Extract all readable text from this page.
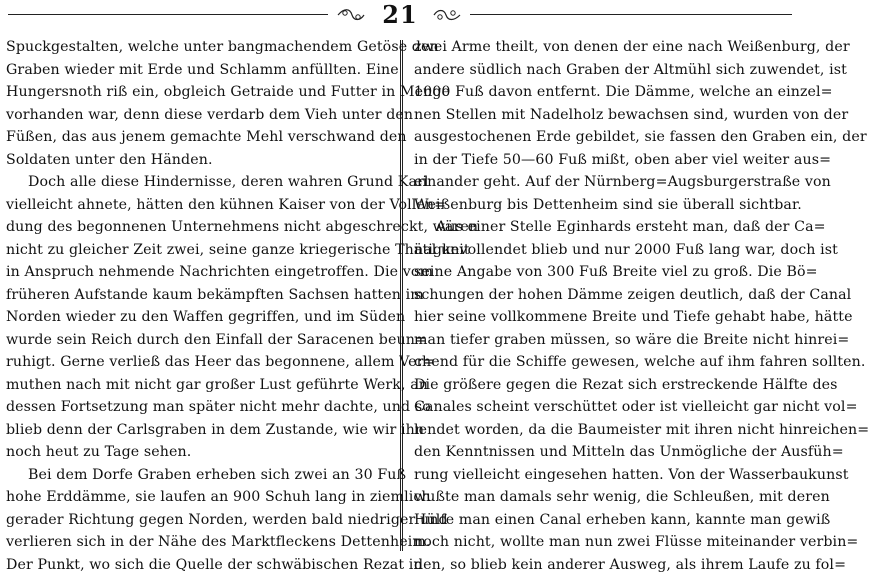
21
Spuckgestalten, welche unter bangmachendem Getöse den
Graben wieder mit Erde und Schlamm anfüllten. Eine
Hungersnoth riß ein, obgleich Getraide und Futter in Menge
vorhanden war, denn diese verdarb dem Vieh unter den
Füßen, das aus jenem gemachte Mehl verschwand den
Soldaten unter den Händen.
Doch alle diese Hindernisse, deren wahren Grund Karl
vielleicht ahnete, hätten den kühnen Kaiser von der Vollen=
dung des begonnenen Unternehmens nicht abgeschreckt, wären
nicht zu gleicher Zeit zwei, seine ganze kriegerische Thätigkeit
in Anspruch nehmende Nachrichten eingetroffen. Die vom
früheren Aufstande kaum bekämpften Sachsen hatten im
Norden wieder zu den Waffen gegriffen, und im Süden
wurde sein Reich durch den Einfall der Saracenen beun=
ruhigt. Gerne verließ das Heer das begonnene, allem Ver=
muthen nach mit nicht gar großer Lust geführte Werk, an
dessen Fortsetzung man später nicht mehr dachte, und so
blieb denn der Carlsgraben in dem Zustande, wie wir ihn
noch heut zu Tage sehen.
Bei dem Dorfe Graben erheben sich zwei an 30 Fuß
hohe Erddämme, sie laufen an 900 Schuh lang in ziemlich
gerader Richtung gegen Norden, werden bald niedriger und
verlieren sich in der Nähe des Marktfleckens Dettenheim.
Der Punkt, wo sich die Quelle der schwäbischen Rezat in
zwei Arme theilt, von denen der eine nach Weißenburg, der
andere südlich nach Graben der Altmühl sich zuwendet, ist
1000 Fuß davon entfernt. Die Dämme, welche an einzel=
nen Stellen mit Nadelholz bewachsen sind, wurden von der
ausgestochenen Erde gebildet, sie fassen den Graben ein, der
in der Tiefe 50—60 Fuß mißt, oben aber viel weiter aus=
einander geht. Auf der Nürnberg=Augsburgerstraße von
Weißenburg bis Dettenheim sind sie überall sichtbar.
Aus einer Stelle Eginhards ersteht man, daß der Ca=
nal unvollendet blieb und nur 2000 Fuß lang war, doch ist
seine Angabe von 300 Fuß Breite viel zu groß. Die Bö=
schungen der hohen Dämme zeigen deutlich, daß der Canal
hier seine vollkommene Breite und Tiefe gehabt habe, hätte
man tiefer graben müssen, so wäre die Breite nicht hinrei=
chend für die Schiffe gewesen, welche auf ihm fahren sollten.
Die größere gegen die Rezat sich erstreckende Hälfte des
Canales scheint verschüttet oder ist vielleicht gar nicht vol=
lendet worden, da die Baumeister mit ihren nicht hinreichen=
den Kenntnissen und Mitteln das Unmögliche der Ausfüh=
rung vielleicht eingesehen hatten. Von der Wasserbaukunst
wußte man damals sehr wenig, die Schleußen, mit deren
Hülfe man einen Canal erheben kann, kannte man gewiß
noch nicht, wollte man nun zwei Flüsse miteinander verbin=
den, so blieb kein anderer Ausweg, als ihrem Laufe zu fol=
